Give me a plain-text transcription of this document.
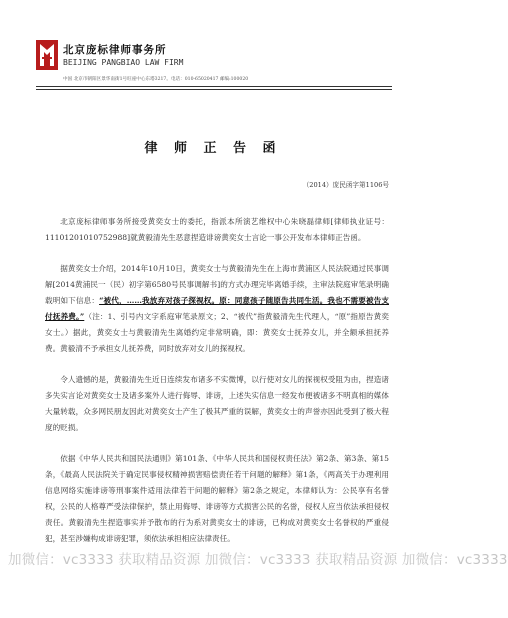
北京庞标律师事务所
BEIJING PANGBIAO LAW FIRM
中国 北京市朝阳区景华南街1号旺座中心东塔3217。电话：010-65020417 邮编:100020
律 师 正 告 函
（2014）庞民函字第1106号

北京庞标律师事务所接受黄奕女士的委托，指派本所演艺维权中心朱晓磊律师[律师执业证号：11101201010752988]就黄毅清先生恶意捏造诽谤黄奕女士言论一事公开发布本律师正告函。

据黄奕女士介绍，2014年10月10日，黄奕女士与黄毅清先生在上海市黄浦区人民法院通过民事调解[2014黄浦民一（民）初字第6580号民事调解书]的方式办理完毕离婚手续，主审法院庭审笔录明确载明如下信息：“被代，……我放弃对孩子探视权。原：同意孩子随原告共同生活。我也不需要被告支付抚养费。”（注：1、引号内文字系庭审笔录原文；2、“被代”指黄毅清先生代理人，“原”指原告黄奕女士。）据此，黄奕女士与黄毅清先生离婚约定非常明确，即：黄奕女士抚养女儿，并全额承担抚养费。黄毅清不予承担女儿抚养费，同时放弃对女儿的探视权。

令人遗憾的是，黄毅清先生近日连续发布诸多不实微博，以行使对女儿的探视权受阻为由，捏造诸多失实言论对黄奕女士及诸多案外人进行侮辱、诽谤，上述失实信息一经发布便被诸多不明真相的媒体大量转载，众多网民朋友因此对黄奕女士产生了极其严重的误解，黄奕女士的声誉亦因此受到了极大程度的贬损。

依据《中华人民共和国民法通则》第101条、《中华人民共和国侵权责任法》第2条、第3条、第15条，《最高人民法院关于确定民事侵权精神损害赔偿责任若干问题的解释》第1条，《两高关于办理利用信息网络实施诽谤等刑事案件适用法律若干问题的解释》第2条之规定，本律师认为：公民享有名誉权，公民的人格尊严受法律保护，禁止用侮辱、诽谤等方式损害公民的名誉，侵权人应当依法承担侵权责任。黄毅清先生捏造事实并予散布的行为系对黄奕女士的诽谤，已构成对黄奕女士名誉权的严重侵犯，甚至涉嫌构成诽谤犯罪，须依法承担相应法律责任。

加微信：vc3333 获取精品资源 加微信：vc3333 获取精品资源 加微信：vc3333
